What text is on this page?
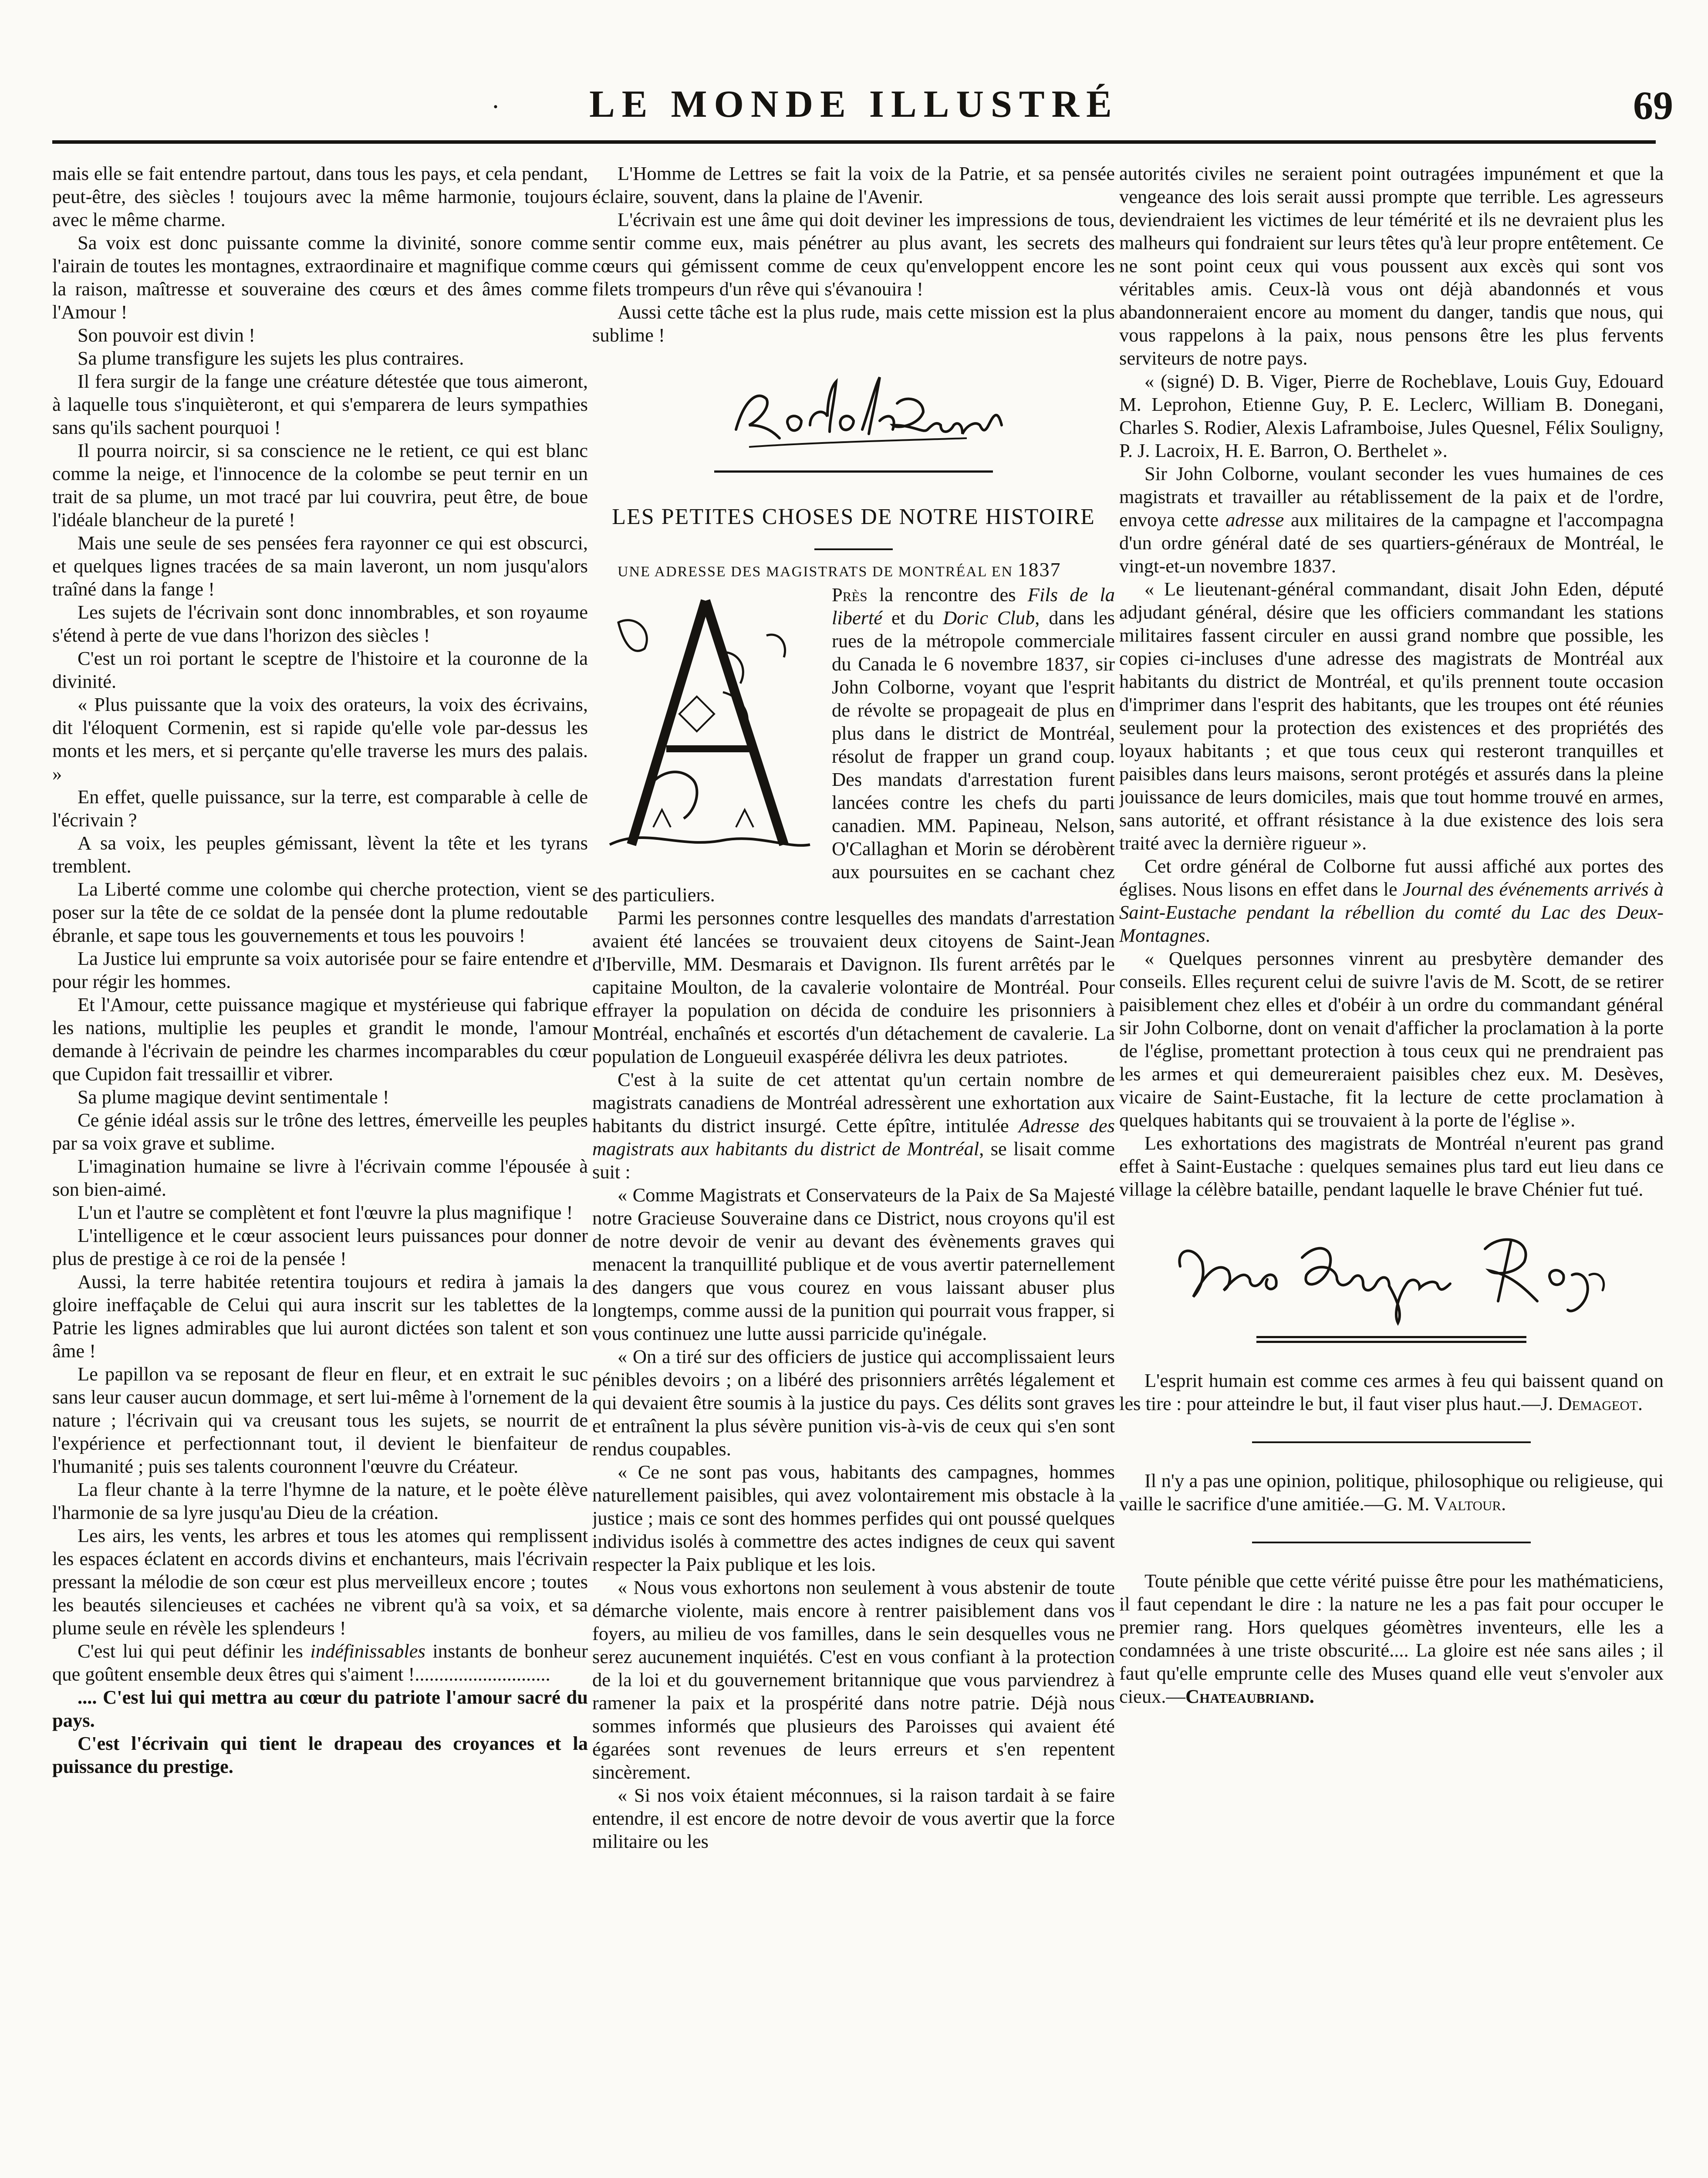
·	LE MONDE ILLUSTRÉ	69

mais elle se fait entendre partout, dans tous les pays, et cela pendant, peut-être, des siècles ! toujours avec la même harmonie, toujours avec le même charme.

Sa voix est donc puissante comme la divinité, sonore comme l'airain de toutes les montagnes, extraordinaire et magnifique comme la raison, maîtresse et souveraine des cœurs et des âmes comme l'Amour !

Son pouvoir est divin !

Sa plume transfigure les sujets les plus contraires.

Il fera surgir de la fange une créature détestée que tous aimeront, à laquelle tous s'inquièteront, et qui s'emparera de leurs sympathies sans qu'ils sachent pourquoi !

Il pourra noircir, si sa conscience ne le retient, ce qui est blanc comme la neige, et l'innocence de la colombe se peut ternir en un trait de sa plume, un mot tracé par lui couvrira, peut être, de boue l'idéale blancheur de la pureté !

Mais une seule de ses pensées fera rayonner ce qui est obscurci, et quelques lignes tracées de sa main laveront, un nom jusqu'alors traîné dans la fange !

Les sujets de l'écrivain sont donc innombrables, et son royaume s'étend à perte de vue dans l'horizon des siècles !

C'est un roi portant le sceptre de l'histoire et la couronne de la divinité.

« Plus puissante que la voix des orateurs, la voix des écrivains, dit l'éloquent Cormenin, est si rapide qu'elle vole par-dessus les monts et les mers, et si perçante qu'elle traverse les murs des palais. »

En effet, quelle puissance, sur la terre, est comparable à celle de l'écrivain ?

A sa voix, les peuples gémissant, lèvent la tête et les tyrans tremblent.

La Liberté comme une colombe qui cherche protection, vient se poser sur la tête de ce soldat de la pensée dont la plume redoutable ébranle, et sape tous les gouvernements et tous les pouvoirs !

La Justice lui emprunte sa voix autorisée pour se faire entendre et pour régir les hommes.

Et l'Amour, cette puissance magique et mystérieuse qui fabrique les nations, multiplie les peuples et grandit le monde, l'amour demande à l'écrivain de peindre les charmes incomparables du cœur que Cupidon fait tressaillir et vibrer.

Sa plume magique devint sentimentale !

Ce génie idéal assis sur le trône des lettres, émerveille les peuples par sa voix grave et sublime.

L'imagination humaine se livre à l'écrivain comme l'épousée à son bien-aimé.

L'un et l'autre se complètent et font l'œuvre la plus magnifique !

L'intelligence et le cœur associent leurs puissances pour donner plus de prestige à ce roi de la pensée !

Aussi, la terre habitée retentira toujours et redira à jamais la gloire ineffaçable de Celui qui aura inscrit sur les tablettes de la Patrie les lignes admirables que lui auront dictées son talent et son âme !

Le papillon va se reposant de fleur en fleur, et en extrait le suc sans leur causer aucun dommage, et sert lui-même à l'ornement de la nature ; l'écrivain qui va creusant tous les sujets, se nourrit de l'expérience et perfectionnant tout, il devient le bienfaiteur de l'humanité ; puis ses talents couronnent l'œuvre du Créateur.

La fleur chante à la terre l'hymne de la nature, et le poète élève l'harmonie de sa lyre jusqu'au Dieu de la création.

Les airs, les vents, les arbres et tous les atomes qui remplissent les espaces éclatent en accords divins et enchanteurs, mais l'écrivain pressant la mélodie de son cœur est plus merveilleux encore ; toutes les beautés silencieuses et cachées ne vibrent qu'à sa voix, et sa plume seule en révèle les splendeurs !

C'est lui qui peut définir les indéfinissables instants de bonheur que goûtent ensemble deux êtres qui s'aiment !............................

.... C'est lui qui mettra au cœur du patriote l'amour sacré du pays.

C'est l'écrivain qui tient le drapeau des croyances et la puissance du prestige.

L'Homme de Lettres se fait la voix de la Patrie, et sa pensée éclaire, souvent, dans la plaine de l'Avenir.

L'écrivain est une âme qui doit deviner les impressions de tous, sentir comme eux, mais pénétrer au plus avant, les secrets des cœurs qui gémissent comme de ceux qu'enveloppent encore les filets trompeurs d'un rêve qui s'évanouira !

Aussi cette tâche est la plus rude, mais cette mission est la plus sublime !

LES PETITES CHOSES DE NOTRE HISTOIRE

UNE ADRESSE DES MAGISTRATS DE MONTRÉAL EN 1837

Près la rencontre des Fils de la liberté et du Doric Club, dans les rues de la métropole commerciale du Canada le 6 novembre 1837, sir John Colborne, voyant que l'esprit de révolte se propageait de plus en plus dans le district de Montréal, résolut de frapper un grand coup. Des mandats d'arrestation furent lancées contre les chefs du parti canadien. MM. Papineau, Nelson, O'Callaghan et Morin se dérobèrent aux poursuites en se cachant chez des particuliers.

Parmi les personnes contre lesquelles des mandats d'arrestation avaient été lancées se trouvaient deux citoyens de Saint-Jean d'Iberville, MM. Desmarais et Davignon. Ils furent arrêtés par le capitaine Moulton, de la cavalerie volontaire de Montréal. Pour effrayer la population on décida de conduire les prisonniers à Montréal, enchaînés et escortés d'un détachement de cavalerie. La population de Longueuil exaspérée délivra les deux patriotes.

C'est à la suite de cet attentat qu'un certain nombre de magistrats canadiens de Montréal adressèrent une exhortation aux habitants du district insurgé. Cette épître, intitulée Adresse des magistrats aux habitants du district de Montréal, se lisait comme suit :

« Comme Magistrats et Conservateurs de la Paix de Sa Majesté notre Gracieuse Souveraine dans ce District, nous croyons qu'il est de notre devoir de venir au devant des évènements graves qui menacent la tranquillité publique et de vous avertir paternellement des dangers que vous courez en vous laissant abuser plus longtemps, comme aussi de la punition qui pourrait vous frapper, si vous continuez une lutte aussi parricide qu'inégale.

« On a tiré sur des officiers de justice qui accomplissaient leurs pénibles devoirs ; on a libéré des prisonniers arrêtés légalement et qui devaient être soumis à la justice du pays. Ces délits sont graves et entraînent la plus sévère punition vis-à-vis de ceux qui s'en sont rendus coupables.

« Ce ne sont pas vous, habitants des campagnes, hommes naturellement paisibles, qui avez volontairement mis obstacle à la justice ; mais ce sont des hommes perfides qui ont poussé quelques individus isolés à commettre des actes indignes de ceux qui savent respecter la Paix publique et les lois.

« Nous vous exhortons non seulement à vous abstenir de toute démarche violente, mais encore à rentrer paisiblement dans vos foyers, au milieu de vos familles, dans le sein desquelles vous ne serez aucunement inquiétés. C'est en vous confiant à la protection de la loi et du gouvernement britannique que vous parviendrez à ramener la paix et la prospérité dans notre patrie. Déjà nous sommes informés que plusieurs des Paroisses qui avaient été égarées sont revenues de leurs erreurs et s'en repentent sincèrement.

« Si nos voix étaient méconnues, si la raison tardait à se faire entendre, il est encore de notre devoir de vous avertir que la force militaire ou les

autorités civiles ne seraient point outragées impunément et que la vengeance des lois serait aussi prompte que terrible. Les agresseurs deviendraient les victimes de leur témérité et ils ne devraient plus les malheurs qui fondraient sur leurs têtes qu'à leur propre entêtement. Ce ne sont point ceux qui vous poussent aux excès qui sont vos véritables amis. Ceux-là vous ont déjà abandonnés et vous abandonneraient encore au moment du danger, tandis que nous, qui vous rappelons à la paix, nous pensons être les plus fervents serviteurs de notre pays.

« (signé) D. B. Viger, Pierre de Rocheblave, Louis Guy, Edouard M. Leprohon, Etienne Guy, P. E. Leclerc, William B. Donegani, Charles S. Rodier, Alexis Laframboise, Jules Quesnel, Félix Souligny, P. J. Lacroix, H. E. Barron, O. Berthelet ».

Sir John Colborne, voulant seconder les vues humaines de ces magistrats et travailler au rétablissement de la paix et de l'ordre, envoya cette adresse aux militaires de la campagne et l'accompagna d'un ordre général daté de ses quartiers-généraux de Montréal, le vingt-et-un novembre 1837.

« Le lieutenant-général commandant, disait John Eden, député adjudant général, désire que les officiers commandant les stations militaires fassent circuler en aussi grand nombre que possible, les copies ci-incluses d'une adresse des magistrats de Montréal aux habitants du district de Montréal, et qu'ils prennent toute occasion d'imprimer dans l'esprit des habitants, que les troupes ont été réunies seulement pour la protection des existences et des propriétés des loyaux habitants ; et que tous ceux qui resteront tranquilles et paisibles dans leurs maisons, seront protégés et assurés dans la pleine jouissance de leurs domiciles, mais que tout homme trouvé en armes, sans autorité, et offrant résistance à la due existence des lois sera traité avec la dernière rigueur ».

Cet ordre général de Colborne fut aussi affiché aux portes des églises. Nous lisons en effet dans le Journal des événements arrivés à Saint-Eustache pendant la rébellion du comté du Lac des Deux-Montagnes.

« Quelques personnes vinrent au presbytère demander des conseils. Elles reçurent celui de suivre l'avis de M. Scott, de se retirer paisiblement chez elles et d'obéir à un ordre du commandant général sir John Colborne, dont on venait d'afficher la proclamation à la porte de l'église, promettant protection à tous ceux qui ne prendraient pas les armes et qui demeureraient paisibles chez eux. M. Desèves, vicaire de Saint-Eustache, fit la lecture de cette proclamation à quelques habitants qui se trouvaient à la porte de l'église ».

Les exhortations des magistrats de Montréal n'eurent pas grand effet à Saint-Eustache : quelques semaines plus tard eut lieu dans ce village la célèbre bataille, pendant laquelle le brave Chénier fut tué.

L'esprit humain est comme ces armes à feu qui baissent quand on les tire : pour atteindre le but, il faut viser plus haut.—J. Demageot.

Il n'y a pas une opinion, politique, philosophique ou religieuse, qui vaille le sacrifice d'une amitiée.—G. M. Valtour.

Toute pénible que cette vérité puisse être pour les mathématiciens, il faut cependant le dire : la nature ne les a pas fait pour occuper le premier rang. Hors quelques géomètres inventeurs, elle les a condamnées à une triste obscurité.... La gloire est née sans ailes ; il faut qu'elle emprunte celle des Muses quand elle veut s'envoler aux cieux.—Chateaubriand.
